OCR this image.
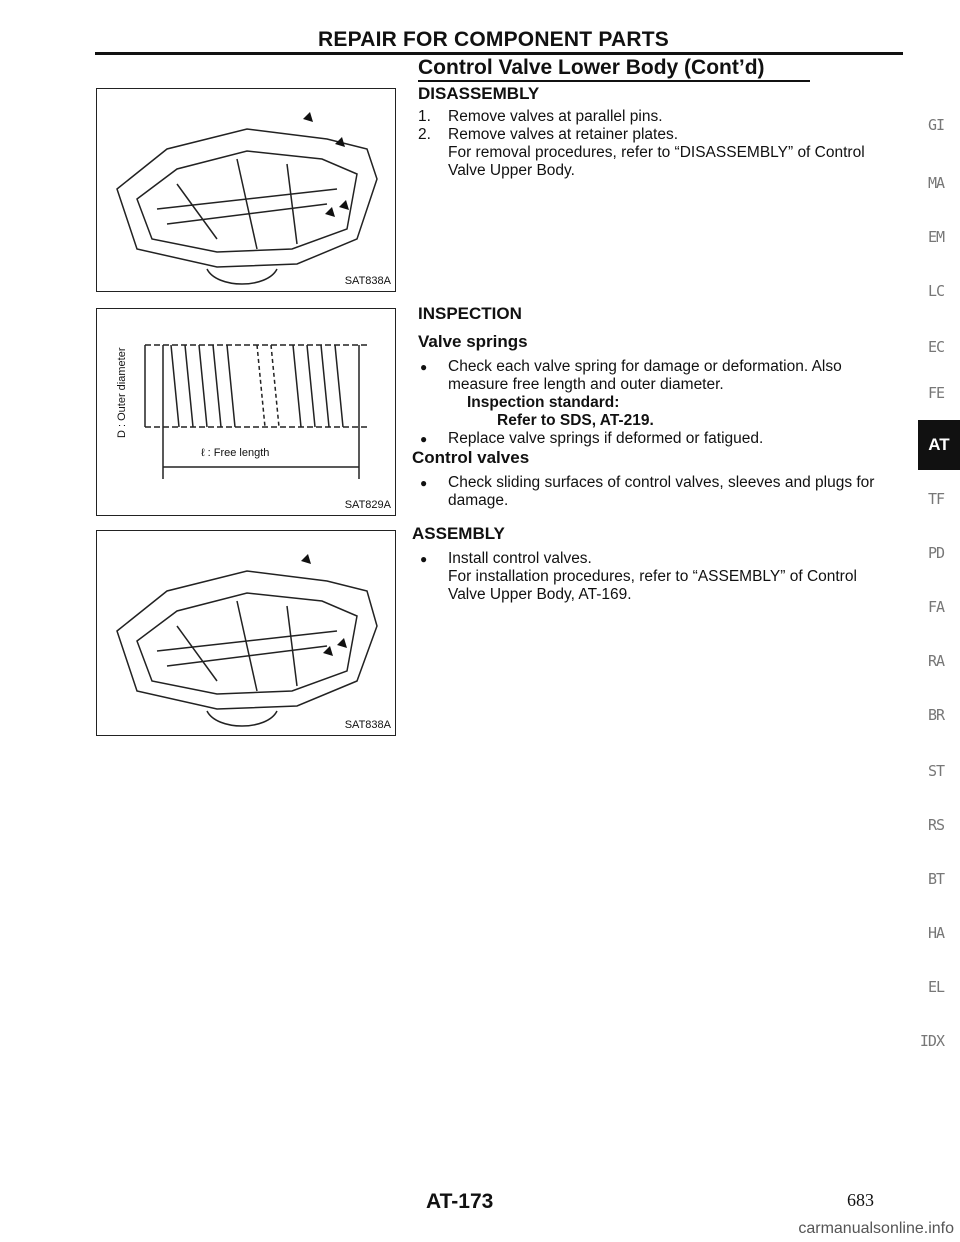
REPAIR FOR COMPONENT PARTS
Control Valve Lower Body (Cont’d)
SAT838A
D : Outer diameter
ℓ : Free length
SAT829A
SAT838A
DISASSEMBLY
1. Remove valves at parallel pins.
2. Remove valves at retainer plates.
For removal procedures, refer to “DISASSEMBLY” of Control
Valve Upper Body.
INSPECTION
Valve springs
● Check each valve spring for damage or deformation. Also
measure free length and outer diameter.
Inspection standard:
Refer to SDS, AT-219.
● Replace valve springs if deformed or fatigued.
Control valves
● Check sliding surfaces of control valves, sleeves and plugs for
damage.
ASSEMBLY
● Install control valves.
For installation procedures, refer to “ASSEMBLY” of Control
Valve Upper Body, AT-169.
GI
MA
EM
LC
EC
FE
AT
TF
PD
FA
RA
BR
ST
RS
BT
HA
EL
IDX
AT-173	683
carmanualsonline.info
